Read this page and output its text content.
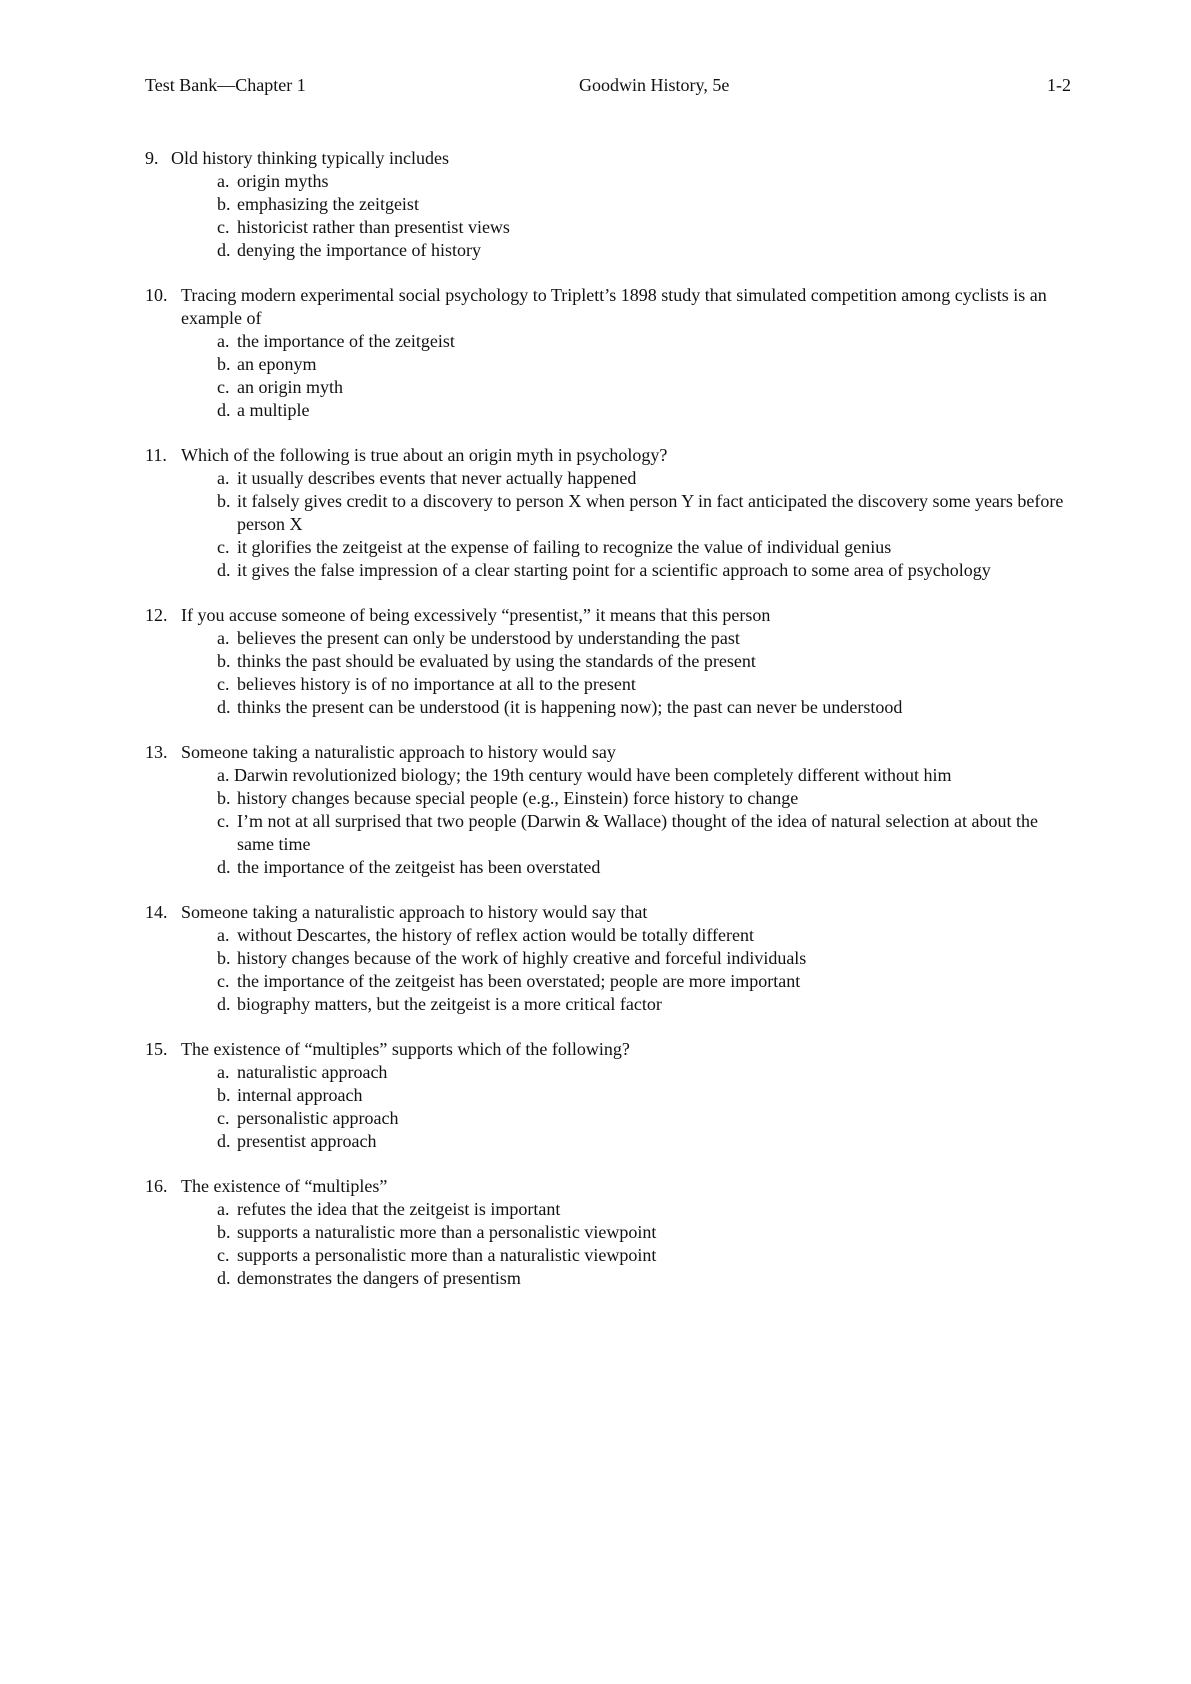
Test Bank—Chapter 1	Goodwin History, 5e	1-2
9. Old history thinking typically includes
a. origin myths
b. emphasizing the zeitgeist
c. historicist rather than presentist views
d. denying the importance of history
10. Tracing modern experimental social psychology to Triplett’s 1898 study that simulated competition among cyclists is an example of
a. the importance of the zeitgeist
b. an eponym
c. an origin myth
d. a multiple
11. Which of the following is true about an origin myth in psychology?
a. it usually describes events that never actually happened
b. it falsely gives credit to a discovery to person X when person Y in fact anticipated the discovery some years before person X
c. it glorifies the zeitgeist at the expense of failing to recognize the value of individual genius
d. it gives the false impression of a clear starting point for a scientific approach to some area of psychology
12. If you accuse someone of being excessively “presentist,” it means that this person
a. believes the present can only be understood by understanding the past
b. thinks the past should be evaluated by using the standards of the present
c. believes history is of no importance at all to the present
d. thinks the present can be understood (it is happening now); the past can never be understood
13. Someone taking a naturalistic approach to history would say
a. Darwin revolutionized biology; the 19th century would have been completely different without him
b. history changes because special people (e.g., Einstein) force history to change
c. I’m not at all surprised that two people (Darwin & Wallace) thought of the idea of natural selection at about the same time
d. the importance of the zeitgeist has been overstated
14. Someone taking a naturalistic approach to history would say that
a. without Descartes, the history of reflex action would be totally different
b. history changes because of the work of highly creative and forceful individuals
c. the importance of the zeitgeist has been overstated; people are more important
d. biography matters, but the zeitgeist is a more critical factor
15. The existence of “multiples” supports which of the following?
a. naturalistic approach
b. internal approach
c. personalistic approach
d. presentist approach
16. The existence of “multiples”
a. refutes the idea that the zeitgeist is important
b. supports a naturalistic more than a personalistic viewpoint
c. supports a personalistic more than a naturalistic viewpoint
d. demonstrates the dangers of presentism
